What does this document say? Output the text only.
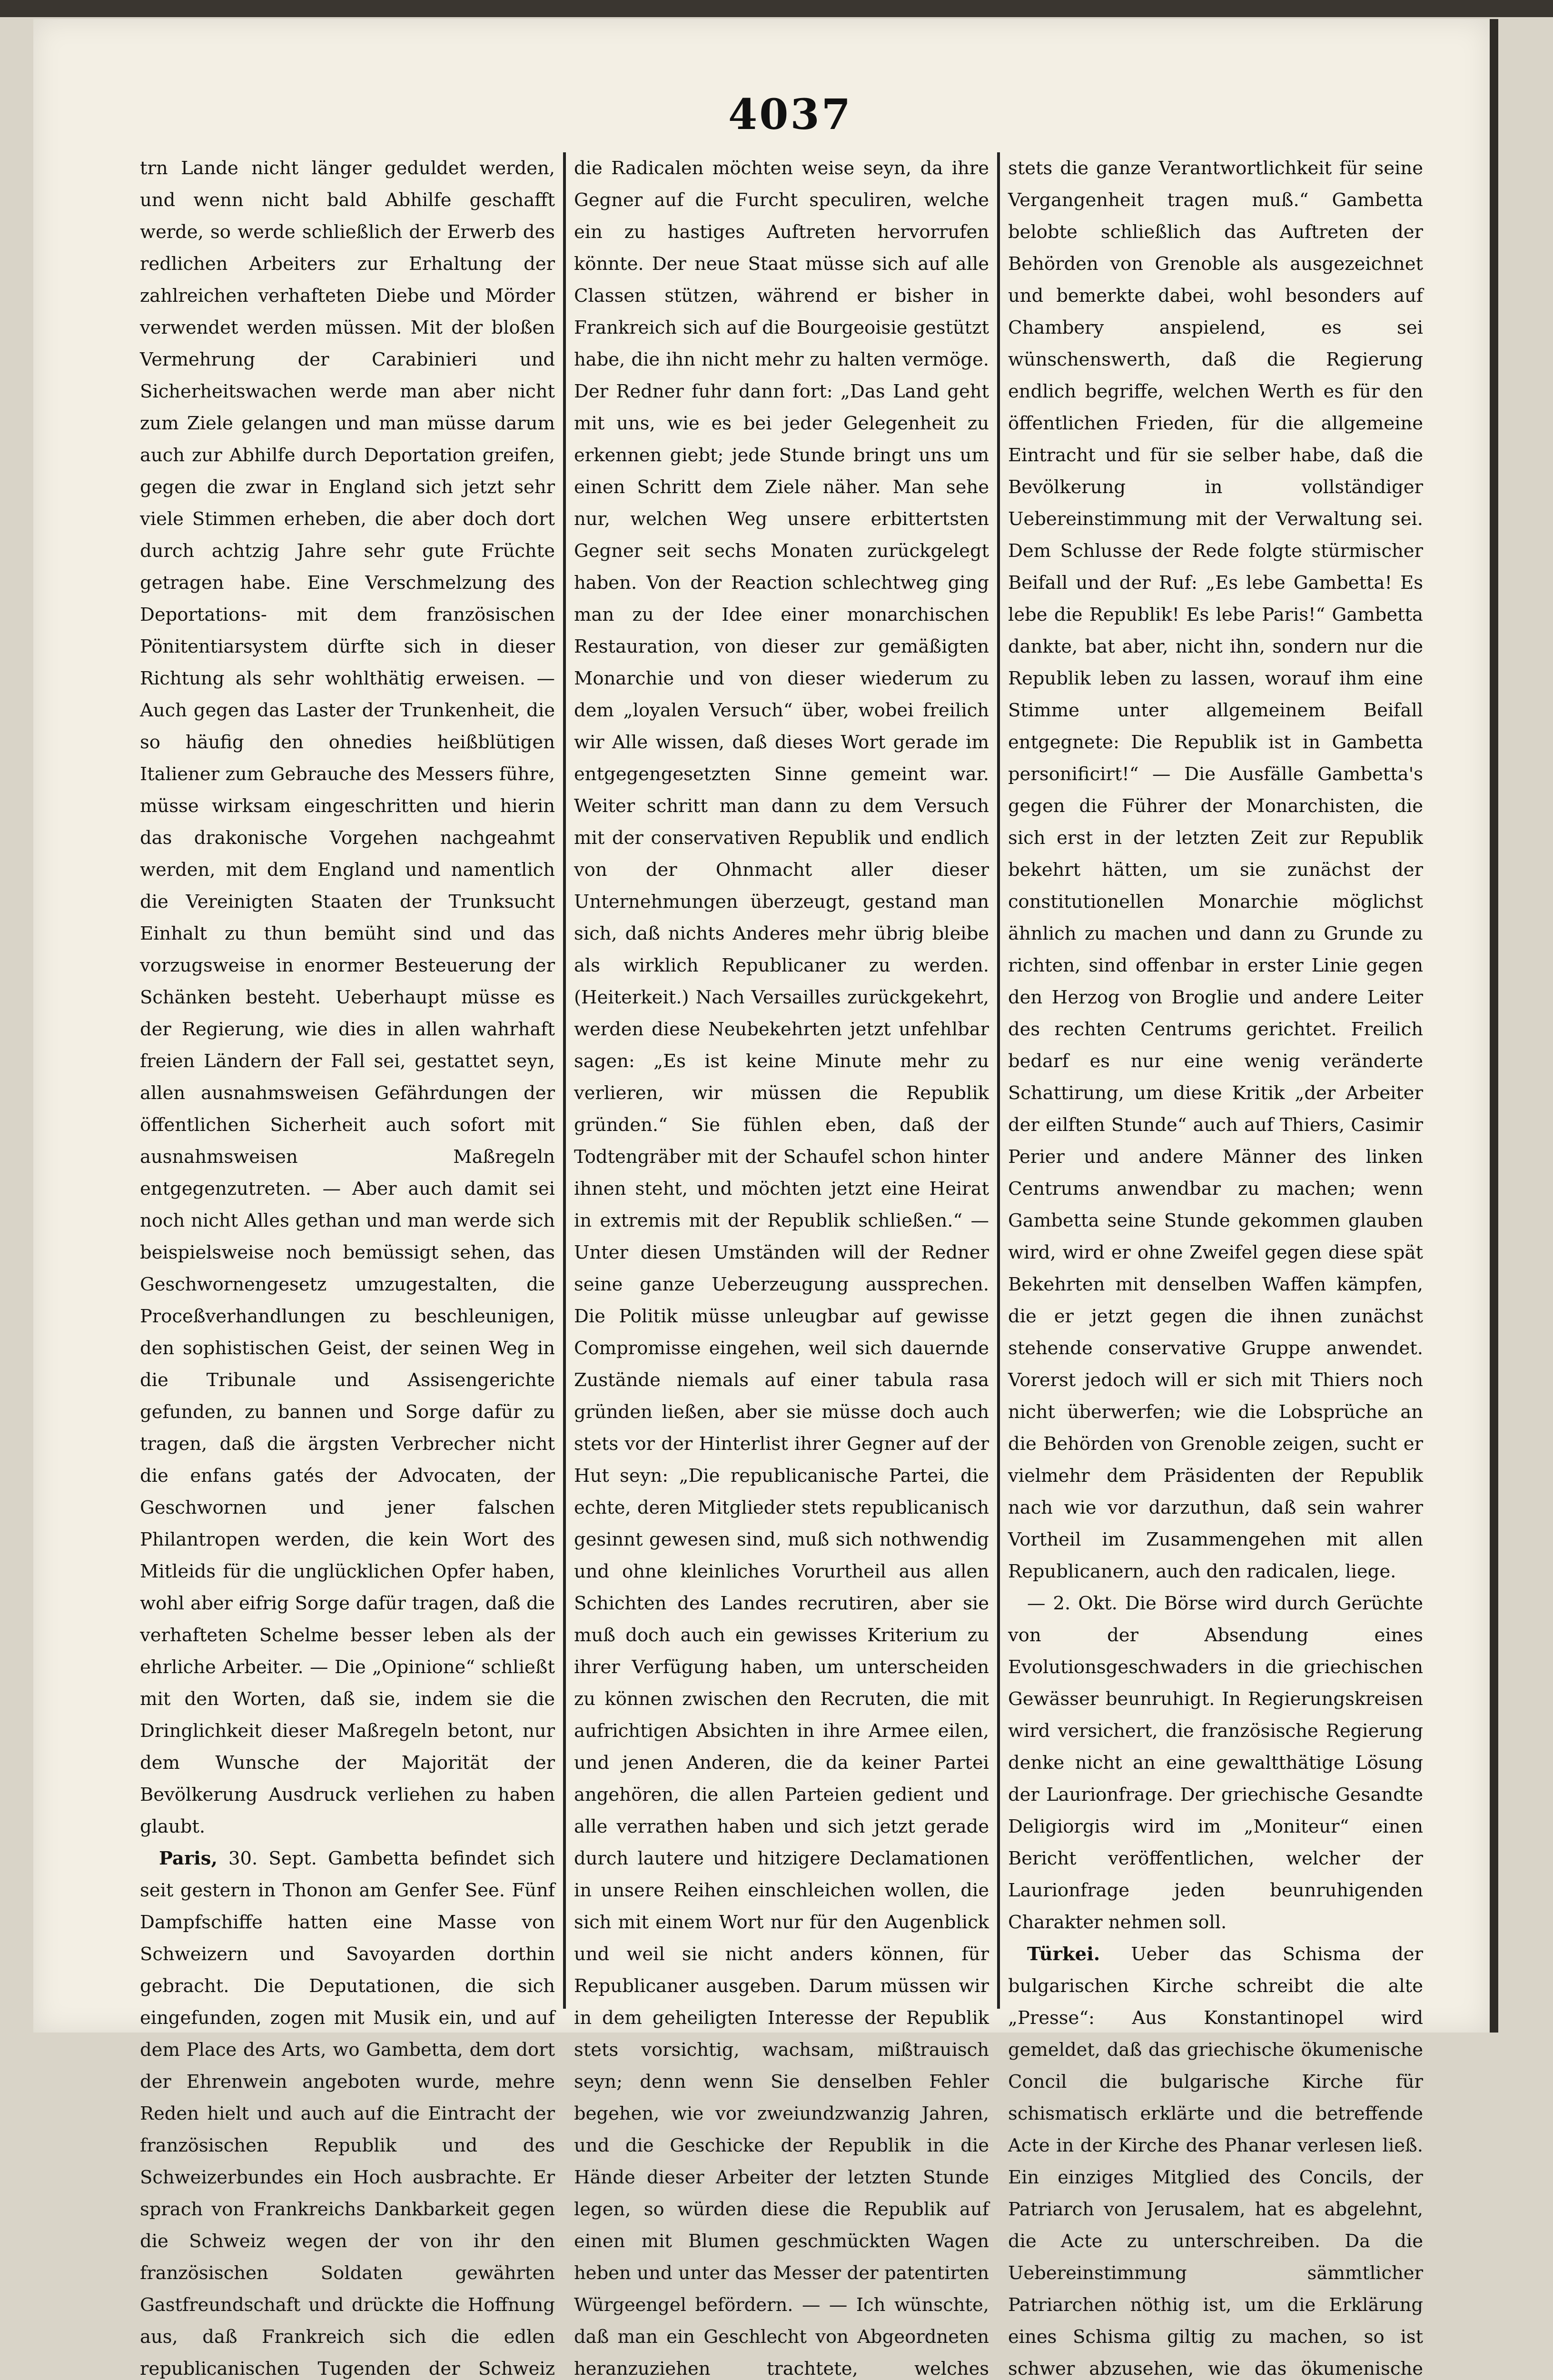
4037

trn Lande nicht länger geduldet werden, und wenn nicht bald Abhilfe geschafft werde, so werde schließlich der Erwerb des redlichen Arbeiters zur Erhaltung der zahlreichen verhafteten Diebe und Mörder verwendet werden müssen. Mit der bloßen Vermehrung der Carabinieri und Sicherheitswachen werde man aber nicht zum Ziele gelangen und man müsse darum auch zur Abhilfe durch Deportation greifen, gegen die zwar in England sich jetzt sehr viele Stimmen erheben, die aber doch dort durch achtzig Jahre sehr gute Früchte getragen habe. Eine Verschmelzung des Deportations- mit dem französischen Pönitentiarsystem dürfte sich in dieser Richtung als sehr wohlthätig erweisen. — Auch gegen das Laster der Trunkenheit, die so häufig den ohnedies heißblütigen Italiener zum Gebrauche des Messers führe, müsse wirksam eingeschritten und hierin das drakonische Vorgehen nachgeahmt werden, mit dem England und namentlich die Vereinigten Staaten der Trunksucht Einhalt zu thun bemüht sind und das vorzugsweise in enormer Besteuerung der Schänken besteht. Ueberhaupt müsse es der Regierung, wie dies in allen wahrhaft freien Ländern der Fall sei, gestattet seyn, allen ausnahmsweisen Gefährdungen der öffentlichen Sicherheit auch sofort mit ausnahmsweisen Maßregeln entgegenzutreten. — Aber auch damit sei noch nicht Alles gethan und man werde sich beispielsweise noch bemüssigt sehen, das Geschwornengesetz umzugestalten, die Proceßverhandlungen zu beschleunigen, den sophistischen Geist, der seinen Weg in die Tribunale und Assisengerichte gefunden, zu bannen und Sorge dafür zu tragen, daß die ärgsten Verbrecher nicht die enfans gatés der Advocaten, der Geschwornen und jener falschen Philantropen werden, die kein Wort des Mitleids für die unglücklichen Opfer haben, wohl aber eifrig Sorge dafür tragen, daß die verhafteten Schelme besser leben als der ehrliche Arbeiter. — Die „Opinione“ schließt mit den Worten, daß sie, indem sie die Dringlichkeit dieser Maßregeln betont, nur dem Wunsche der Majorität der Bevölkerung Ausdruck verliehen zu haben glaubt.

Paris, 30. Sept. Gambetta befindet sich seit gestern in Thonon am Genfer See. Fünf Dampfschiffe hatten eine Masse von Schweizern und Savoyarden dorthin gebracht. Die Deputationen, die sich eingefunden, zogen mit Musik ein, und auf dem Place des Arts, wo Gambetta, dem dort der Ehrenwein angeboten wurde, mehre Reden hielt und auch auf die Eintracht der französischen Republik und des Schweizerbundes ein Hoch ausbrachte. Er sprach von Frankreichs Dankbarkeit gegen die Schweiz wegen der von ihr den französischen Soldaten gewährten Gastfreundschaft und drückte die Hoffnung aus, daß Frankreich sich die edlen republicanischen Tugenden der Schweiz

die Radicalen möchten weise seyn, da ihre Gegner auf die Furcht speculiren, welche ein zu hastiges Auftreten hervorrufen könnte. Der neue Staat müsse sich auf alle Classen stützen, während er bisher in Frankreich sich auf die Bourgeoisie gestützt habe, die ihn nicht mehr zu halten vermöge. Der Redner fuhr dann fort: „Das Land geht mit uns, wie es bei jeder Gelegenheit zu erkennen giebt; jede Stunde bringt uns um einen Schritt dem Ziele näher. Man sehe nur, welchen Weg unsere erbittertsten Gegner seit sechs Monaten zurückgelegt haben. Von der Reaction schlechtweg ging man zu der Idee einer monarchischen Restauration, von dieser zur gemäßigten Monarchie und von dieser wiederum zu dem „loyalen Versuch“ über, wobei freilich wir Alle wissen, daß dieses Wort gerade im entgegengesetzten Sinne gemeint war. Weiter schritt man dann zu dem Versuch mit der conservativen Republik und endlich von der Ohnmacht aller dieser Unternehmungen überzeugt, gestand man sich, daß nichts Anderes mehr übrig bleibe als wirklich Republicaner zu werden. (Heiterkeit.) Nach Versailles zurückgekehrt, werden diese Neubekehrten jetzt unfehlbar sagen: „Es ist keine Minute mehr zu verlieren, wir müssen die Republik gründen.“ Sie fühlen eben, daß der Todtengräber mit der Schaufel schon hinter ihnen steht, und möchten jetzt eine Heirat in extremis mit der Republik schließen.“ — Unter diesen Umständen will der Redner seine ganze Ueberzeugung aussprechen. Die Politik müsse unleugbar auf gewisse Compromisse eingehen, weil sich dauernde Zustände niemals auf einer tabula rasa gründen ließen, aber sie müsse doch auch stets vor der Hinterlist ihrer Gegner auf der Hut seyn: „Die republicanische Partei, die echte, deren Mitglieder stets republicanisch gesinnt gewesen sind, muß sich nothwendig und ohne kleinliches Vorurtheil aus allen Schichten des Landes recrutiren, aber sie muß doch auch ein gewisses Kriterium zu ihrer Verfügung haben, um unterscheiden zu können zwischen den Recruten, die mit aufrichtigen Absichten in ihre Armee eilen, und jenen Anderen, die da keiner Partei angehören, die allen Parteien gedient und alle verrathen haben und sich jetzt gerade durch lautere und hitzigere Declamationen in unsere Reihen einschleichen wollen, die sich mit einem Wort nur für den Augenblick und weil sie nicht anders können, für Republicaner ausgeben. Darum müssen wir in dem geheiligten Interesse der Republik stets vorsichtig, wachsam, mißtrauisch seyn; denn wenn Sie denselben Fehler begehen, wie vor zweiundzwanzig Jahren, und die Geschicke der Republik in die Hände dieser Arbeiter der letzten Stunde legen, so würden diese die Republik auf einen mit Blumen geschmückten Wagen heben und unter das Messer der patentirten Würgeengel befördern. — — Ich wünschte, daß man ein Geschlecht von Abgeordneten heranzuziehen trachtete, welches

stets die ganze Verantwortlichkeit für seine Vergangenheit tragen muß.“ Gambetta belobte schließlich das Auftreten der Behörden von Grenoble als ausgezeichnet und bemerkte dabei, wohl besonders auf Chambery anspielend, es sei wünschenswerth, daß die Regierung endlich begriffe, welchen Werth es für den öffentlichen Frieden, für die allgemeine Eintracht und für sie selber habe, daß die Bevölkerung in vollständiger Uebereinstimmung mit der Verwaltung sei. Dem Schlusse der Rede folgte stürmischer Beifall und der Ruf: „Es lebe Gambetta! Es lebe die Republik! Es lebe Paris!“ Gambetta dankte, bat aber, nicht ihn, sondern nur die Republik leben zu lassen, worauf ihm eine Stimme unter allgemeinem Beifall entgegnete: Die Republik ist in Gambetta personificirt!“ — Die Ausfälle Gambetta's gegen die Führer der Monarchisten, die sich erst in der letzten Zeit zur Republik bekehrt hätten, um sie zunächst der constitutionellen Monarchie möglichst ähnlich zu machen und dann zu Grunde zu richten, sind offenbar in erster Linie gegen den Herzog von Broglie und andere Leiter des rechten Centrums gerichtet. Freilich bedarf es nur eine wenig veränderte Schattirung, um diese Kritik „der Arbeiter der eilften Stunde“ auch auf Thiers, Casimir Perier und andere Männer des linken Centrums anwendbar zu machen; wenn Gambetta seine Stunde gekommen glauben wird, wird er ohne Zweifel gegen diese spät Bekehrten mit denselben Waffen kämpfen, die er jetzt gegen die ihnen zunächst stehende conservative Gruppe anwendet. Vorerst jedoch will er sich mit Thiers noch nicht überwerfen; wie die Lobsprüche an die Behörden von Grenoble zeigen, sucht er vielmehr dem Präsidenten der Republik nach wie vor darzuthun, daß sein wahrer Vortheil im Zusammengehen mit allen Republicanern, auch den radicalen, liege.

— 2. Okt. Die Börse wird durch Gerüchte von der Absendung eines Evolutionsgeschwaders in die griechischen Gewässer beunruhigt. In Regierungskreisen wird versichert, die französische Regierung denke nicht an eine gewaltthätige Lösung der Laurionfrage. Der griechische Gesandte Deligiorgis wird im „Moniteur“ einen Bericht veröffentlichen, welcher der Laurionfrage jeden beunruhigenden Charakter nehmen soll.

Türkei. Ueber das Schisma der bulgarischen Kirche schreibt die alte „Presse“: Aus Konstantinopel wird gemeldet, daß das griechische ökumenische Concil die bulgarische Kirche für schismatisch erklärte und die betreffende Acte in der Kirche des Phanar verlesen ließ. Ein einziges Mitglied des Concils, der Patriarch von Jerusalem, hat es abgelehnt, die Acte zu unterschreiben. Da die Uebereinstimmung sämmtlicher Patriarchen nöthig ist, um die Erklärung eines Schisma giltig zu machen, so ist schwer abzusehen, wie das ökumenische
